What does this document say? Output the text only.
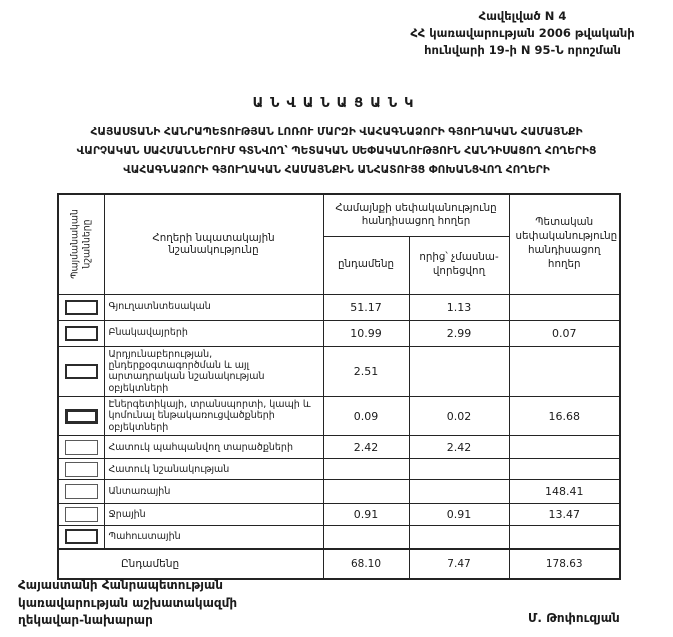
Հավելված N 4
ՀՀ կառավարության 2006 թվականի
հունվարի 19-ի N 95-Ն որոշման
ԱՆՎԱՆԱՑԱՆԿ
ՀԱՅԱՍՏԱՆԻ ՀԱՆՐԱՊԵՏՈՒԹՅԱՆ ԼՈՌՈՒ ՄԱՐԶԻ ՎԱՀԱԳՆԱՁՈՐԻ ԳՅՈՒՂԱԿԱՆ ՀԱՄԱՅՆՔԻ
ՎԱՐՉԱԿԱՆ ՍԱՀՄԱՆՆԵՐՈՒՄ ԳՏՆՎՈՂ՝ ՊԵՏԱԿԱՆ ՍԵՓԱԿԱՆՈՒԹՅՈՒՆ ՀԱՆԴԻՍԱՑՈՂ ՀՈՂԵՐԻՑ
ՎԱՀԱԳՆԱՁՈՐԻ ԳՅՈՒՂԱԿԱՆ ՀԱՄԱՅՆՔԻՆ ԱՆՀԱՏՈՒՅՑ ՓՈԽԱՆՑՎՈՂ ՀՈՂԵՐԻ
Պայմանական նշանները	Հողերի նպատակային նշանակությունը	Համայնքի սեփականությունը հանդիսացող հողեր		Պետական սեփականությունը հանդիսացող հողեր
		ընդամենը	որից՝ չմասնա-վորեցվող	

	Գյուղատնտեսական	51.17	1.13	

	Բնակավայրերի	10.99	2.99	0.07

	Արդյունաբերության, ընդերքօգտագործման և այլ արտադրական նշանակության օբյեկտների	2.51		

	Էներգետիկայի, տրանսպորտի, կապի և կոմունալ ենթակառուցվածքների օբյեկտների	0.09	0.02	16.68

	Հատուկ պահպանվող տարածքների	2.42	2.42	

	Հատուկ նշանակության			

	Անտառային			148.41

	Ջրային	0.91	0.91	13.47

	Պահուստային			
Ընդամենը		68.10	7.47	178.63
Հայաստանի Հանրապետության
կառավարության աշխատակազմի
ղեկավար-նախարար	Մ. Թոփուզյան
